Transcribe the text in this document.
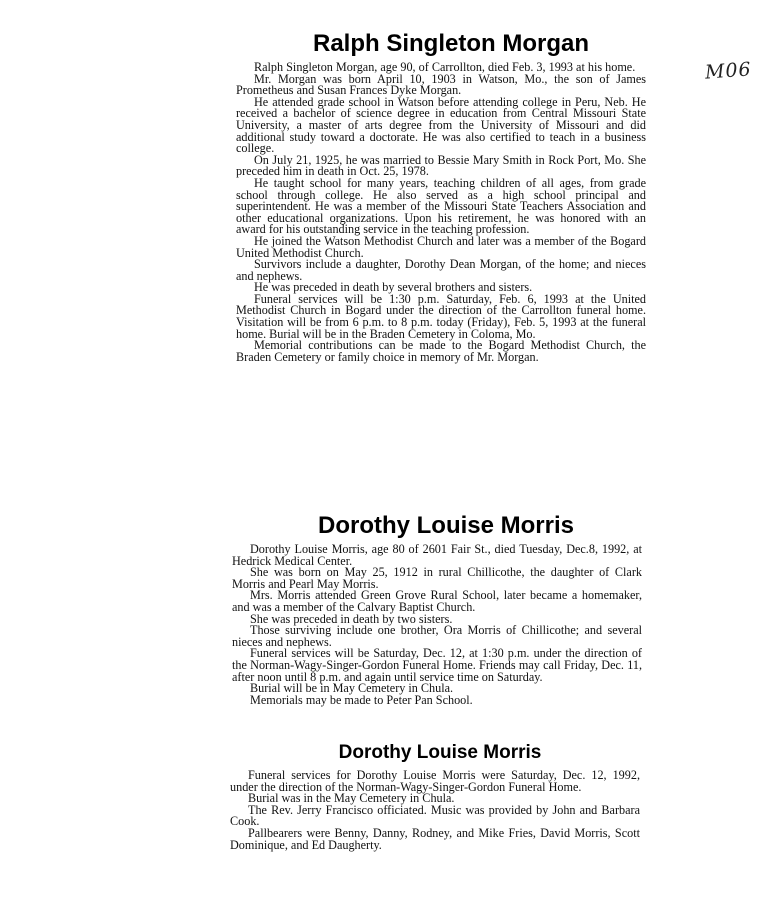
M06
Ralph Singleton Morgan

Ralph Singleton Morgan, age 90, of Carrollton, died Feb. 3, 1993 at his home.

Mr. Morgan was born April 10, 1903 in Watson, Mo., the son of James Prometheus and Susan Frances Dyke Morgan.

He attended grade school in Watson before attending college in Peru, Neb. He received a bachelor of science degree in education from Central Missouri State University, a master of arts degree from the University of Missouri and did additional study toward a doctorate. He was also certified to teach in a business college.

On July 21, 1925, he was married to Bessie Mary Smith in Rock Port, Mo. She preceded him in death in Oct. 25, 1978.

He taught school for many years, teaching children of all ages, from grade school through college. He also served as a high school principal and superintendent. He was a member of the Missouri State Teachers Association and other educational organizations. Upon his retirement, he was honored with an award for his outstanding service in the teaching profession.

He joined the Watson Methodist Church and later was a member of the Bogard United Methodist Church.

Survivors include a daughter, Dorothy Dean Morgan, of the home; and nieces and nephews.

He was preceded in death by several brothers and sisters.

Funeral services will be 1:30 p.m. Saturday, Feb. 6, 1993 at the United Methodist Church in Bogard under the direction of the Carrollton funeral home. Visitation will be from 6 p.m. to 8 p.m. today (Friday), Feb. 5, 1993 at the funeral home. Burial will be in the Braden Cemetery in Coloma, Mo.

Memorial contributions can be made to the Bogard Methodist Church, the Braden Cemetery or family choice in memory of Mr. Morgan.

Dorothy Louise Morris

Dorothy Louise Morris, age 80 of 2601 Fair St., died Tuesday, Dec.8, 1992, at Hedrick Medical Center.

She was born on May 25, 1912 in rural Chillicothe, the daughter of Clark Morris and Pearl May Morris.

Mrs. Morris attended Green Grove Rural School, later became a homemaker, and was a member of the Calvary Baptist Church.

She was preceded in death by two sisters.

Those surviving include one brother, Ora Morris of Chillicothe; and several nieces and nephews.

Funeral services will be Saturday, Dec. 12, at 1:30 p.m. under the direction of the Norman-Wagy-Singer-Gordon Funeral Home. Friends may call Friday, Dec. 11, after noon until 8 p.m. and again until service time on Saturday.

Burial will be in May Cemetery in Chula.

Memorials may be made to Peter Pan School.

Dorothy Louise Morris

Funeral services for Dorothy Louise Morris were Saturday, Dec. 12, 1992, under the direction of the Norman-Wagy-Singer-Gordon Funeral Home.

Burial was in the May Cemetery in Chula.

The Rev. Jerry Francisco officiated. Music was provided by John and Barbara Cook.

Pallbearers were Benny, Danny, Rodney, and Mike Fries, David Morris, Scott Dominique, and Ed Daugherty.
